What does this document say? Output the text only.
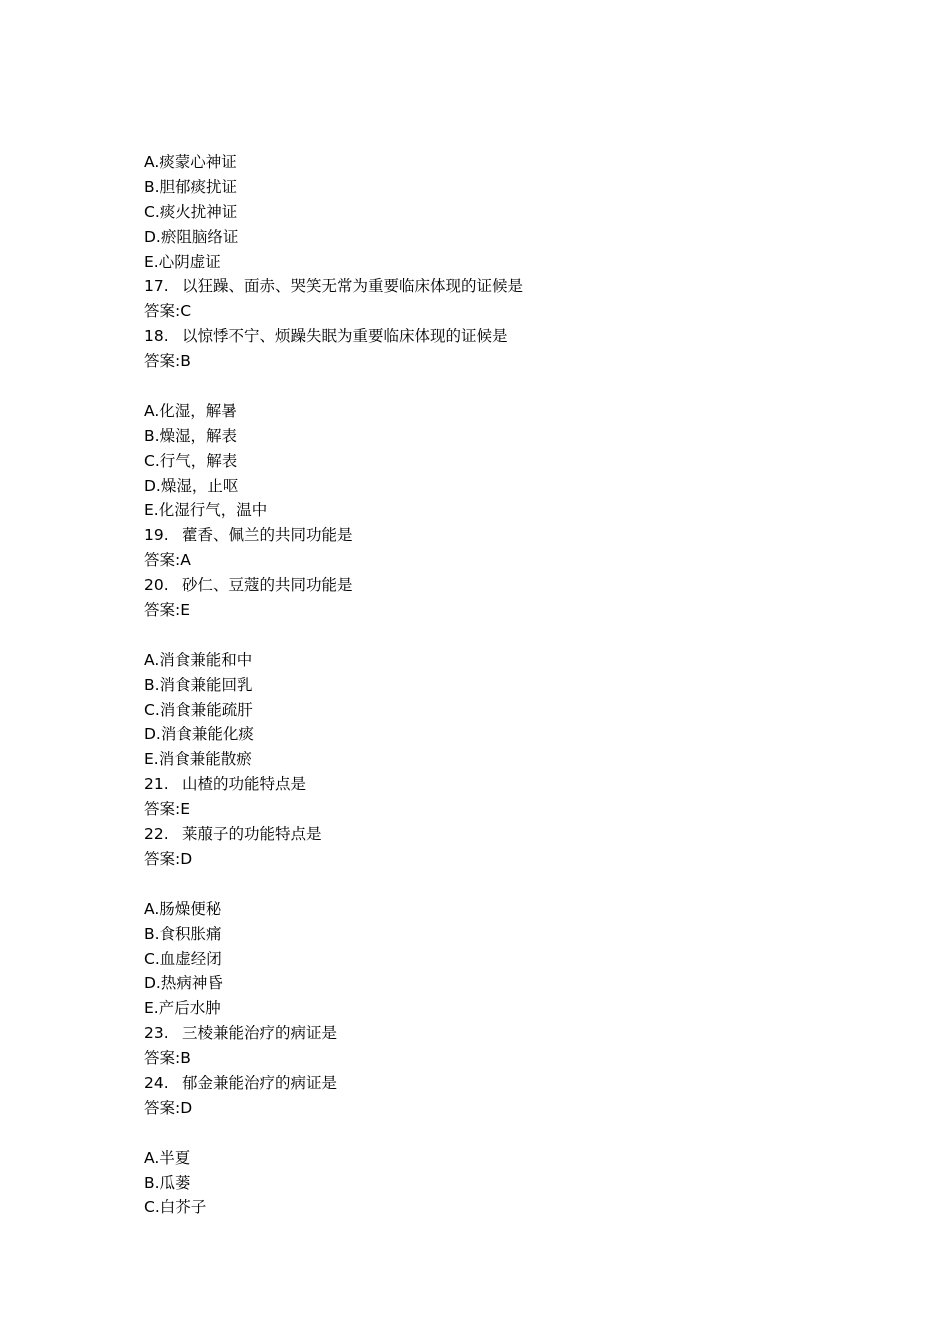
A.痰蒙心神证
B.胆郁痰扰证
C.痰火扰神证
D.瘀阻脑络证
E.心阴虚证
17. 以狂躁、面赤、哭笑无常为重要临床体现的证候是
答案:C
18. 以惊悸不宁、烦躁失眠为重要临床体现的证候是
答案:B
A.化湿，解暑
B.燥湿，解表
C.行气，解表
D.燥湿，止呕
E.化湿行气，温中
19. 藿香、佩兰的共同功能是
答案:A
20. 砂仁、豆蔻的共同功能是
答案:E
A.消食兼能和中
B.消食兼能回乳
C.消食兼能疏肝
D.消食兼能化痰
E.消食兼能散瘀
21. 山楂的功能特点是
答案:E
22. 莱菔子的功能特点是
答案:D
A.肠燥便秘
B.食积胀痛
C.血虚经闭
D.热病神昏
E.产后水肿
23. 三棱兼能治疗的病证是
答案:B
24. 郁金兼能治疗的病证是
答案:D
A.半夏
B.瓜蒌
C.白芥子
